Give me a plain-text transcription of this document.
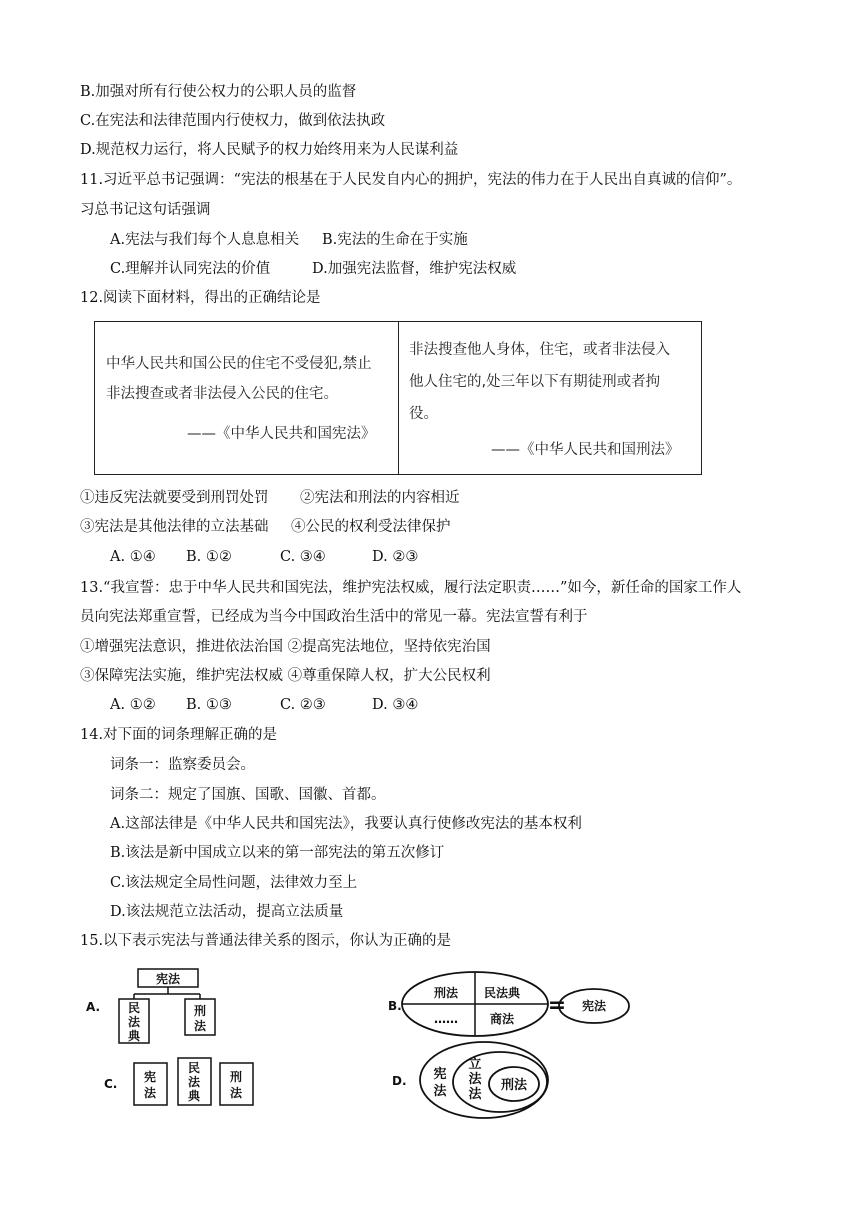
B.加强对所有行使公权力的公职人员的监督
C.在宪法和法律范围内行使权力，做到依法执政
D.规范权力运行，将人民赋予的权力始终用来为人民谋利益
11.习近平总书记强调：“宪法的根基在于人民发自内心的拥护，宪法的伟力在于人民出自真诚的信仰”。
习总书记这句话强调
A.宪法与我们每个人息息相关 B.宪法的生命在于实施
C.理解并认同宪法的价值	D.加强宪法监督，维护宪法权威
12.阅读下面材料，得出的正确结论是
中华人民共和国公民的住宅不受侵犯,禁止
非法搜查或者非法侵入公民的住宅。
——《中华人民共和国宪法》
非法搜查他人身体，住宅，或者非法侵入
他人住宅的,处三年以下有期徒刑或者拘
役。
——《中华人民共和国刑法》
①违反宪法就要受到刑罚处罚 ②宪法和刑法的内容相近
③宪法是其他法律的立法基础 ④公民的权利受法律保护
A. ①④ B. ①②	C. ③④	D. ②③
13.“我宣誓：忠于中华人民共和国宪法，维护宪法权威，履行法定职责……”如今，新任命的国家工作人
员向宪法郑重宣誓，已经成为当今中国政治生活中的常见一幕。宪法宣誓有利于
①增强宪法意识，推进依法治国 ②提高宪法地位，坚持依宪治国
③保障宪法实施，维护宪法权威 ④尊重保障人权，扩大公民权利
A. ①② B. ①③	C. ②③	D. ③④
14.对下面的词条理解正确的是
词条一：监察委员会。
词条二：规定了国旗、国歌、国徽、首都。
A.这部法律是《中华人民共和国宪法》，我要认真行使修改宪法的基本权利
B.该法是新中国成立以来的第一部宪法的第五次修订
C.该法规定全局性问题，法律效力至上
D.该法规范立法活动，提高立法质量
15.以下表示宪法与普通法律关系的图示，你认为正确的是
A.
宪法
民
法
典
刑
法
B.
刑法 民法典
……	商法
= 宪法
C. 宪
法
民
法
典
刑
法
D. 宪
法
立
法
法
刑法
